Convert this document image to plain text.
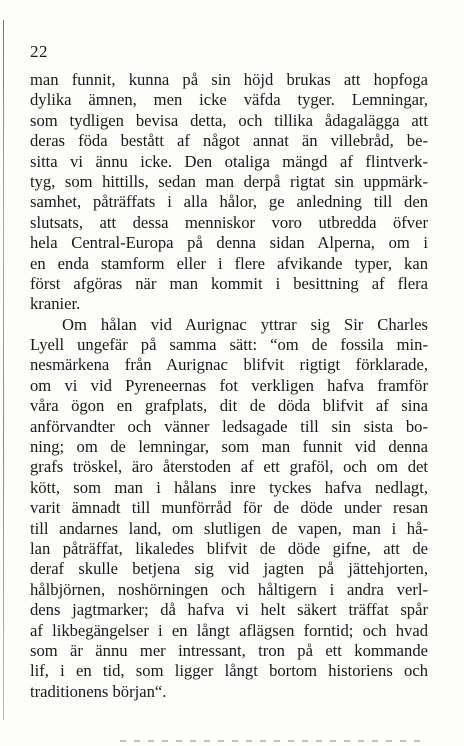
22
man funnit, kunna på sin höjd brukas att hopfoga
dylika ämnen, men icke väfda tyger. Lemningar,
som tydligen bevisa detta, och tillika ådagalägga att
deras föda bestått af något annat än villebråd, be-
sitta vi ännu icke. Den otaliga mängd af flintverk-
tyg, som hittills, sedan man derpå rigtat sin uppmärk-
samhet, påträffats i alla hålor, ge anledning till den
slutsats, att dessa menniskor voro utbredda öfver
hela Central-Europa på denna sidan Alperna, om i
en enda stamform eller i flere afvikande typer, kan
först afgöras när man kommit i besittning af flera
kranier.
Om hålan vid Aurignac yttrar sig Sir Charles
Lyell ungefär på samma sätt: “om de fossila min-
nesmärkena från Aurignac blifvit rigtigt förklarade,
om vi vid Pyreneernas fot verkligen hafva framför
våra ögon en grafplats, dit de döda blifvit af sina
anförvandter och vänner ledsagade till sin sista bo-
ning; om de lemningar, som man funnit vid denna
grafs tröskel, äro återstoden af ett graföl, och om det
kött, som man i hålans inre tyckes hafva nedlagt,
varit ämnadt till munförråd för de döde under resan
till andarnes land, om slutligen de vapen, man i hå-
lan påträffat, likaledes blifvit de döde gifne, att de
deraf skulle betjena sig vid jagten på jättehjorten,
hålbjörnen, noshörningen och håltigern i andra verl-
dens jagtmarker; då hafva vi helt säkert träffat spår
af likbegängelser i en långt aflägsen forntid; och hvad
som är ännu mer intressant, tron på ett kommande
lif, i en tid, som ligger långt bortom historiens och
traditionens början“.
